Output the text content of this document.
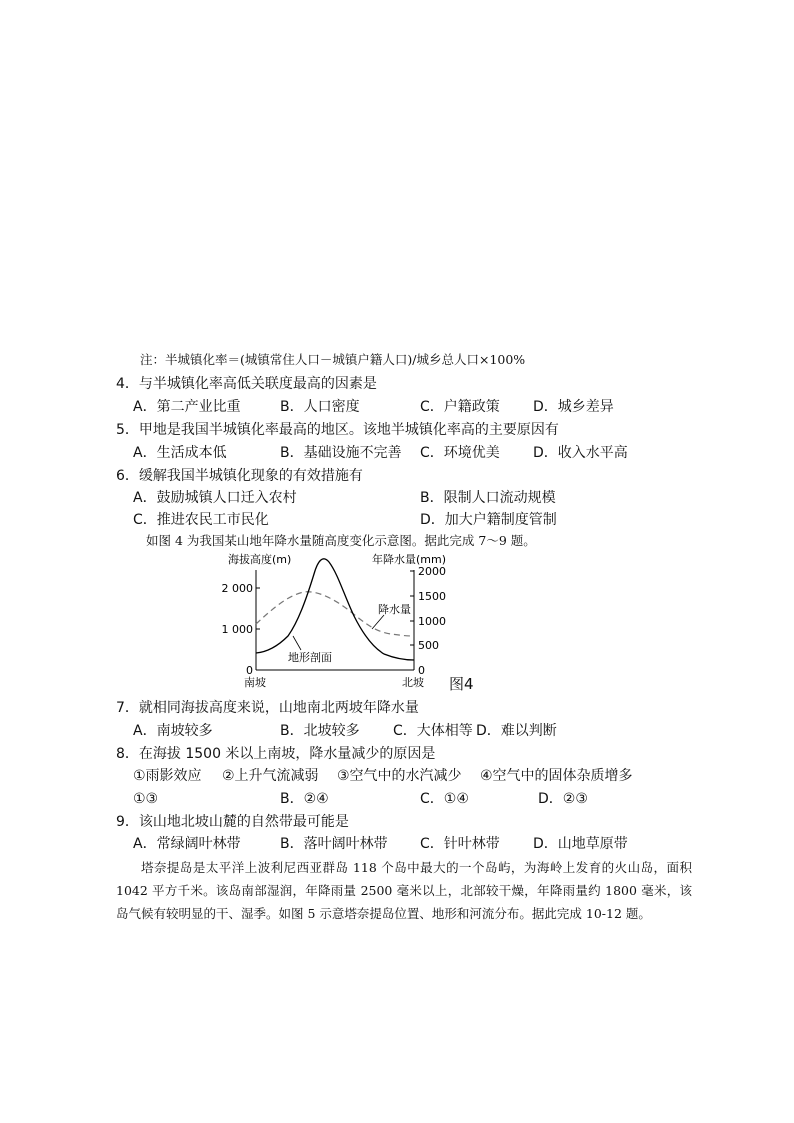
注：半城镇化率＝(城镇常住人口－城镇户籍人口)/城乡总人口×100%
4．与半城镇化率高低关联度最高的因素是
A．第二产业比重	B．人口密度	C．户籍政策 D．城乡差异
5．甲地是我国半城镇化率最高的地区。该地半城镇化率高的主要原因有
A．生活成本低	B．基础设施不完善 C．环境优美 D．收入水平高
6．缓解我国半城镇化现象的有效措施有
A．鼓励城镇人口迁入农村	B．限制人口流动规模
C．推进农民工市民化	D．加大户籍制度管制
如图 4 为我国某山地年降水量随高度变化示意图。据此完成 7～9 题。
海拔高度(m)	年降水量(mm)
2 000
1 000
0
2000
1500
1000
500
0
降水量
地形剖面
南坡	北坡 图4
7．就相同海拔高度来说，山地南北两坡年降水量
A．南坡较多	B．北坡较多 C．大体相等 D．难以判断
8．在海拔 1500 米以上南坡，降水量减少的原因是
①雨影效应 ②上升气流减弱 ③空气中的水汽减少 ④空气中的固体杂质增多
①③	B．②④	C．①④	D．②③
9．该山地北坡山麓的自然带最可能是
A．常绿阔叶林带	B．落叶阔叶林带 C．针叶林带 D．山地草原带

塔奈提岛是太平洋上波利尼西亚群岛 118 个岛中最大的一个岛屿，为海岭上发育的火山岛，面积 1042 平方千米。该岛南部湿润，年降雨量 2500 毫米以上，北部较干燥，年降雨量约 1800 毫米，该岛气候有较明显的干、湿季。如图 5 示意塔奈提岛位置、地形和河流分布。据此完成 10-12 题。
